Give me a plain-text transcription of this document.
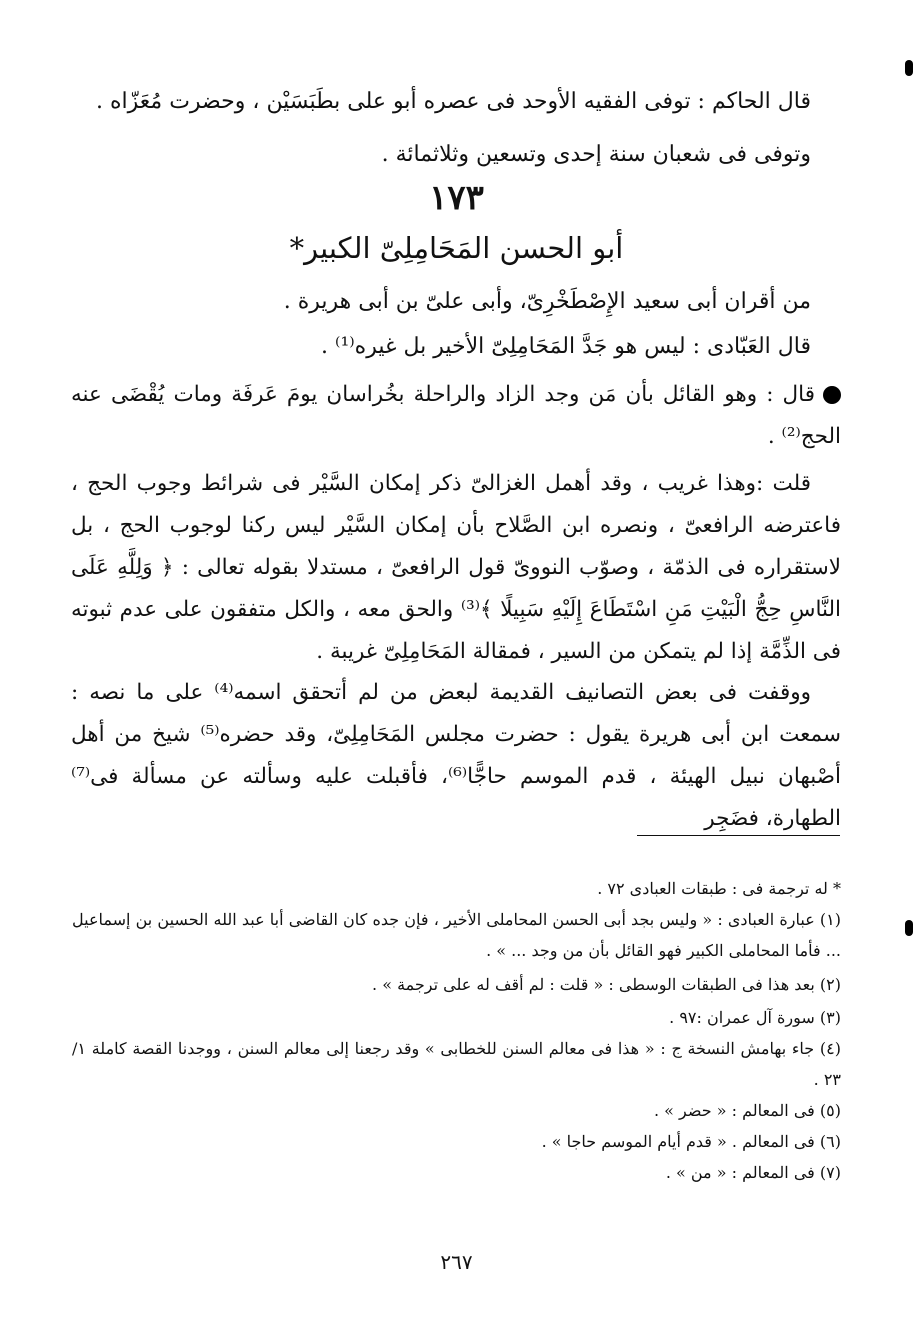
قال الحاكم : توفى الفقيه الأوحد فى عصره أبو على بطَبَسَيْن ، وحضرت مُعَزّاه .
وتوفى فى شعبان سنة إحدى وتسعين وثلاثمائة .
١٧٣
أبو الحسن المَحَامِلِىّ الكبير*
من أقران أبى سعيد الإِصْطَخْرِىّ، وأبى علىّ بن أبى هريرة .
قال العَبّادى : ليس هو جَدَّ المَحَامِلِىّ الأخير بل غيره⁽¹⁾ .
قال : وهو القائل بأن مَن وجد الزاد والراحلة بخُراسان يومَ عَرفَة ومات يُقْضَى عنه الحج⁽²⁾ .
قلت :وهذا غريب ، وقد أهمل الغزالىّ ذكر إمكان السَّيْر فى شرائط وجوب الحج ، فاعترضه الرافعىّ ، ونصره ابن الصَّلاح بأن إمكان السَّيْر ليس ركنا لوجوب الحج ، بل لاستقراره فى الذمّة ، وصوّب النووىّ قول الرافعىّ ، مستدلا بقوله تعالى : ﴿ وَلِلَّهِ عَلَى النَّاسِ حِجُّ الْبَيْتِ مَنِ اسْتَطَاعَ إِلَيْهِ سَبِيلًا ﴾⁽³⁾ والحق معه ، والكل متفقون على عدم ثبوته فى الذِّمَّة إذا لم يتمكن من السير ، فمقالة المَحَامِلِىّ غريبة .
ووقفت فى بعض التصانيف القديمة لبعض من لم أتحقق اسمه⁽⁴⁾ على ما نصه : سمعت ابن أبى هريرة يقول : حضرت مجلس المَحَامِلِىّ، وقد حضره⁽⁵⁾ شيخ من أهل أصْبهان نبيل الهيئة ، قدم الموسم حاجًّا⁽⁶⁾، فأقبلت عليه وسألته عن مسألة فى⁽⁷⁾ الطهارة، فضَجِر
* له ترجمة فى : طبقات العبادى ٧٢ .
(١) عبارة العبادى : « وليس بجد أبى الحسن المحاملى الأخير ، فإن جده كان القاضى أبا عبد الله الحسين بن إسماعيل ... فأما المحاملى الكبير فهو القائل بأن من وجد ... » .
(٢) بعد هذا فى الطبقات الوسطى : « قلت : لم أقف له على ترجمة » .
(٣) سورة آل عمران :٩٧ .
(٤) جاء بهامش النسخة ج : « هذا فى معالم السنن للخطابى » وقد رجعنا إلى معالم السنن ، ووجدنا القصة كاملة ١/ ٢٣ .
(٥) فى المعالم : « حضر » .
(٦) فى المعالم . « قدم أيام الموسم حاجا » .
(٧) فى المعالم : « من » .
٢٦٧
